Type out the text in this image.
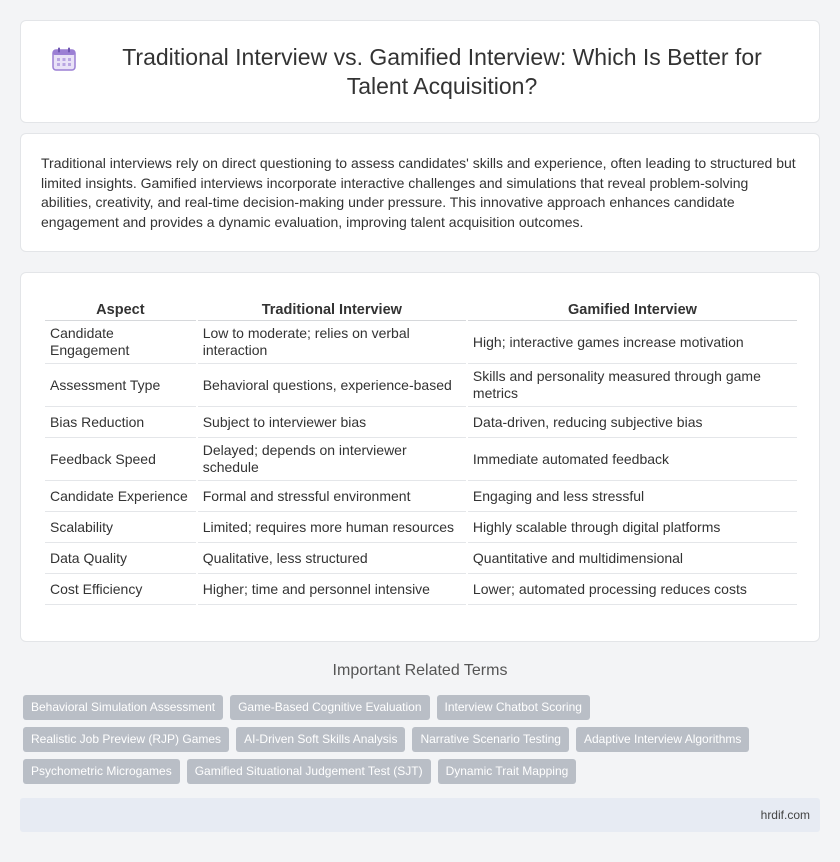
Traditional Interview vs. Gamified Interview: Which Is Better for Talent Acquisition?

Traditional interviews rely on direct questioning to assess candidates' skills and experience, often leading to structured but limited insights. Gamified interviews incorporate interactive challenges and simulations that reveal problem-solving abilities, creativity, and real-time decision-making under pressure. This innovative approach enhances candidate engagement and provides a dynamic evaluation, improving talent acquisition outcomes.

Aspect	Traditional Interview	Gamified Interview
Candidate Engagement	Low to moderate; relies on verbal interaction	High; interactive games increase motivation
Assessment Type	Behavioral questions, experience-based	Skills and personality measured through game metrics
Bias Reduction	Subject to interviewer bias	Data-driven, reducing subjective bias
Feedback Speed	Delayed; depends on interviewer schedule	Immediate automated feedback
Candidate Experience	Formal and stressful environment	Engaging and less stressful
Scalability	Limited; requires more human resources	Highly scalable through digital platforms
Data Quality	Qualitative, less structured	Quantitative and multidimensional
Cost Efficiency	Higher; time and personnel intensive	Lower; automated processing reduces costs
Important Related Terms
Behavioral Simulation Assessment	Game-Based Cognitive Evaluation	Interview Chatbot Scoring
Realistic Job Preview (RJP) Games	AI-Driven Soft Skills Analysis	Narrative Scenario Testing	Adaptive Interview Algorithms
Psychometric Microgames	Gamified Situational Judgement Test (SJT)	Dynamic Trait Mapping
hrdif.com
